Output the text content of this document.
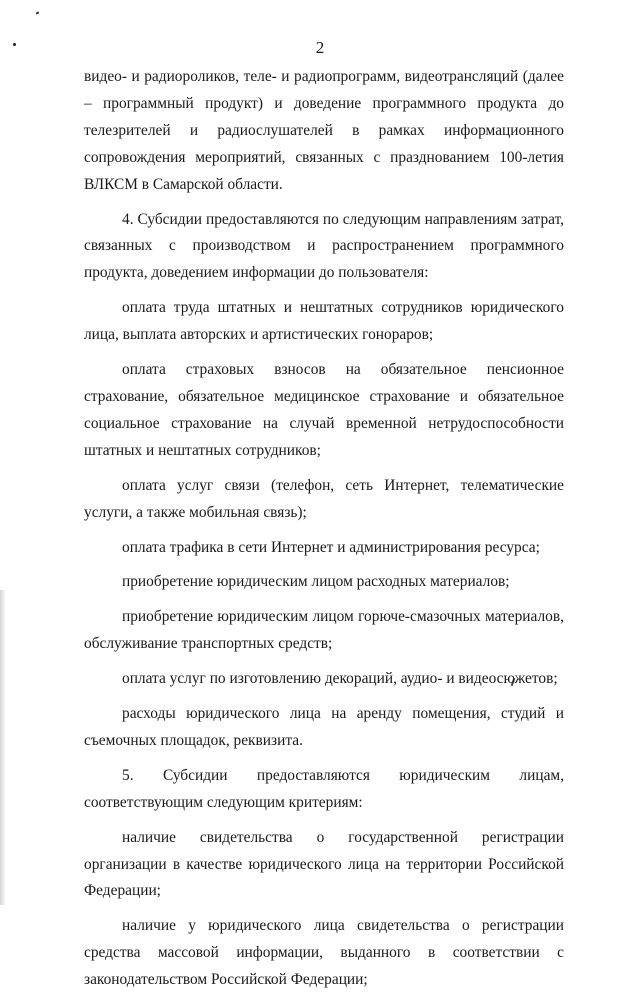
2

видео- и радиороликов, теле- и радиопрограмм, видеотрансляций (далее – программный продукт) и доведение программного продукта до телезрителей и радиослушателей в рамках информационного сопровождения мероприятий, связанных с празднованием 100-летия ВЛКСМ в Самарской области.

4. Субсидии предоставляются по следующим направлениям затрат, связанных с производством и распространением программного продукта, доведением информации до пользователя:

оплата труда штатных и нештатных сотрудников юридического лица, выплата авторских и артистических гонораров;

оплата страховых взносов на обязательное пенсионное страхование, обязательное медицинское страхование и обязательное социальное страхование на случай временной нетрудоспособности штатных и нештатных сотрудников;

оплата услуг связи (телефон, сеть Интернет, телематические услуги, а также мобильная связь);

оплата трафика в сети Интернет и администрирования ресурса;

приобретение юридическим лицом расходных материалов;

приобретение юридическим лицом горюче-смазочных материалов, обслуживание транспортных средств;

оплата услуг по изготовлению декораций, аудио- и видеосюжетов;

расходы юридического лица на аренду помещения, студий и съемочных площадок, реквизита.

5. Субсидии предоставляются юридическим лицам, соответствующим следующим критериям:

наличие свидетельства о государственной регистрации организации в качестве юридического лица на территории Российской Федерации;

наличие у юридического лица свидетельства о регистрации средства массовой информации, выданного в соответствии с законодательством Российской Федерации;
